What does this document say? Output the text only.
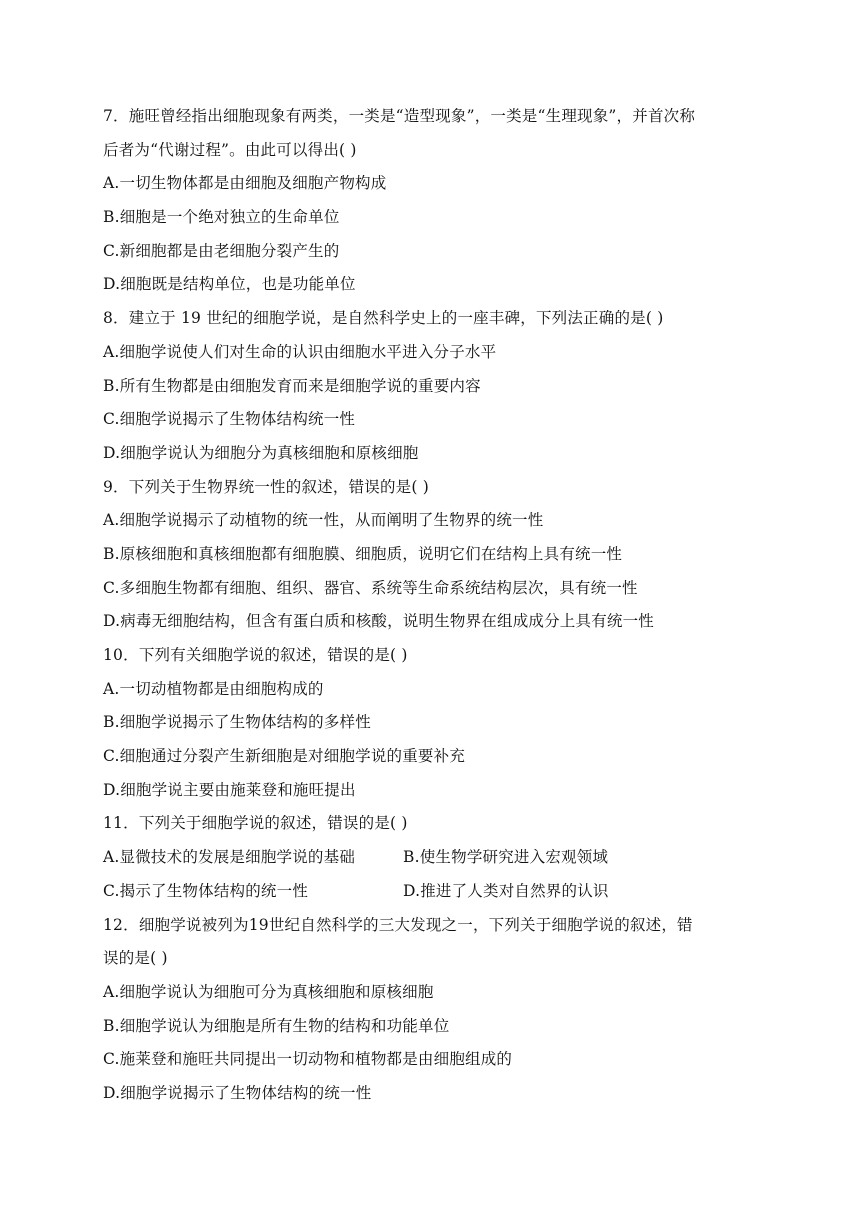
7．施旺曾经指出细胞现象有两类，一类是“造型现象”，一类是“生理现象”，并首次称
后者为“代谢过程”。由此可以得出( )
A.一切生物体都是由细胞及细胞产物构成
B.细胞是一个绝对独立的生命单位
C.新细胞都是由老细胞分裂产生的
D.细胞既是结构单位，也是功能单位
8．建立于 19 世纪的细胞学说，是自然科学史上的一座丰碑，下列法正确的是( )
A.细胞学说使人们对生命的认识由细胞水平进入分子水平
B.所有生物都是由细胞发育而来是细胞学说的重要内容
C.细胞学说揭示了生物体结构统一性
D.细胞学说认为细胞分为真核细胞和原核细胞
9．下列关于生物界统一性的叙述，错误的是( )
A.细胞学说揭示了动植物的统一性，从而阐明了生物界的统一性
B.原核细胞和真核细胞都有细胞膜、细胞质，说明它们在结构上具有统一性
C.多细胞生物都有细胞、组织、器官、系统等生命系统结构层次，具有统一性
D.病毒无细胞结构，但含有蛋白质和核酸，说明生物界在组成成分上具有统一性
10．下列有关细胞学说的叙述，错误的是( )
A.一切动植物都是由细胞构成的
B.细胞学说揭示了生物体结构的多样性
C.细胞通过分裂产生新细胞是对细胞学说的重要补充
D.细胞学说主要由施莱登和施旺提出
11．下列关于细胞学说的叙述，错误的是( )
A.显微技术的发展是细胞学说的基础	B.使生物学研究进入宏观领域
C.揭示了生物体结构的统一性	D.推进了人类对自然界的认识
12．细胞学说被列为19世纪自然科学的三大发现之一，下列关于细胞学说的叙述，错
误的是( )
A.细胞学说认为细胞可分为真核细胞和原核细胞
B.细胞学说认为细胞是所有生物的结构和功能单位
C.施莱登和施旺共同提出一切动物和植物都是由细胞组成的
D.细胞学说揭示了生物体结构的统一性
